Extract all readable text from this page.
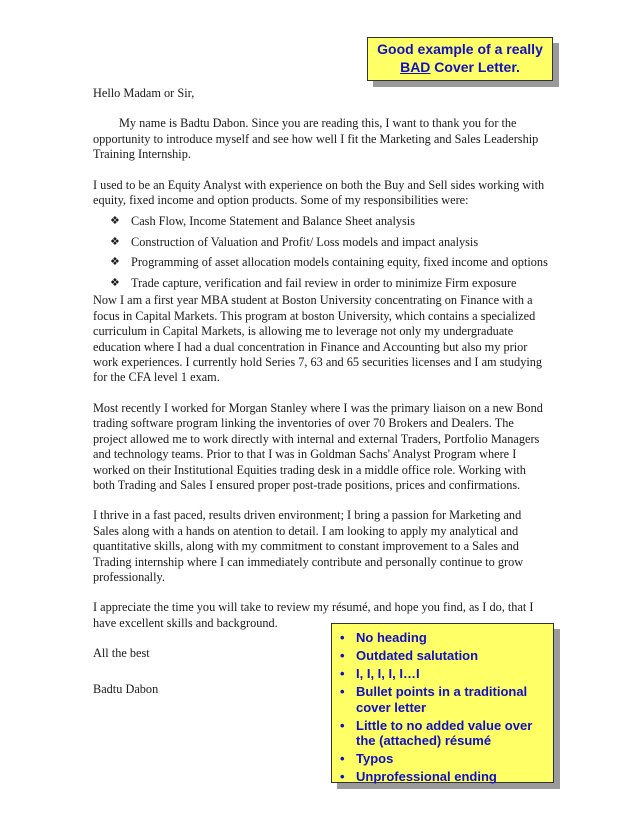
Good example of a really
BAD Cover Letter.

Hello Madam or Sir,

My name is Badtu Dabon. Since you are reading this, I want to thank you for the opportunity to introduce myself and see how well I fit the Marketing and Sales Leadership Training Internship.

I used to be an Equity Analyst with experience on both the Buy and Sell sides working with equity, fixed income and option products. Some of my responsibilities were:

❖ Cash Flow, Income Statement and Balance Sheet analysis
❖ Construction of Valuation and Profit/ Loss models and impact analysis
❖ Programming of asset allocation models containing equity, fixed income and options
❖ Trade capture, verification and fail review in order to minimize Firm exposure

Now I am a first year MBA student at Boston University concentrating on Finance with a focus in Capital Markets. This program at boston University, which contains a specialized curriculum in Capital Markets, is allowing me to leverage not only my undergraduate education where I had a dual concentration in Finance and Accounting but also my prior work experiences. I currently hold Series 7, 63 and 65 securities licenses and I am studying for the CFA level 1 exam.

Most recently I worked for Morgan Stanley where I was the primary liaison on a new Bond trading software program linking the inventories of over 70 Brokers and Dealers. The project allowed me to work directly with internal and external Traders, Portfolio Managers and technology teams. Prior to that I was in Goldman Sachs' Analyst Program where I worked on their Institutional Equities trading desk in a middle office role. Working with both Trading and Sales I ensured proper post-trade positions, prices and confirmations.

I thrive in a fast paced, results driven environment; I bring a passion for Marketing and Sales along with a hands on atention to detail. I am looking to apply my analytical and quantitative skills, along with my commitment to constant improvement to a Sales and Trading internship where I can immediately contribute and personally continue to grow professionally.

I appreciate the time you will take to review my résumé, and hope you find, as I do, that I have excellent skills and background.

All the best

Badtu Dabon
• No heading
• Outdated salutation
• I, I, I, I, I…I
• Bullet points in a traditional cover letter
• Little to no added value over the (attached) résumé
• Typos
• Unprofessional ending
